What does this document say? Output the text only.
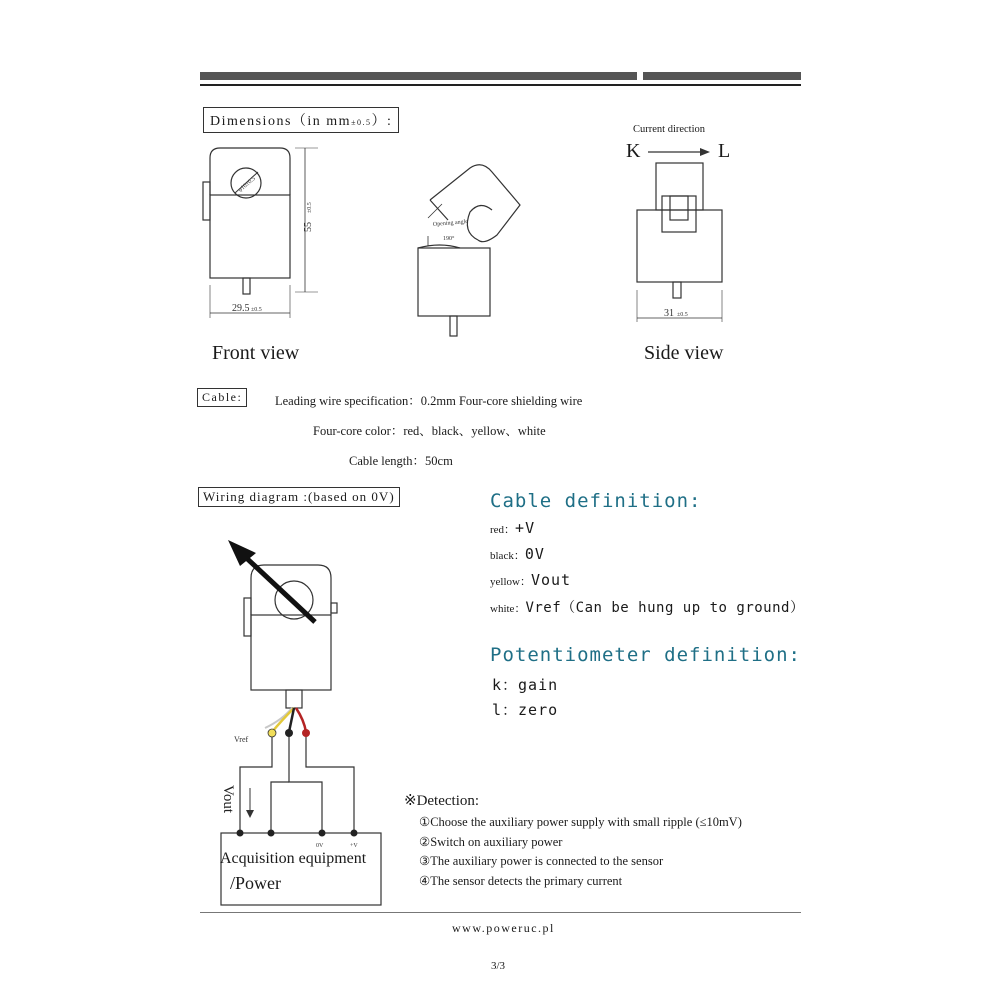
Dimensions（in mm±0.5）:
55
±0.5
29.5 ±0.5
φ10±0.5
Opening angle
190°
31 ±0.5
Vref
Vout
0V	+V
Current direction
K	L
Front view	Side view
Cable:	Leading wire specification：0.2mm Four-core shielding wire
Four-core color：red、black、yellow、white
Cable length：50cm
Wiring diagram :(based on 0V)
Acquisition equipment
/Power
Cable definition:
red：+V
black：0V
yellow：Vout
white：Vref（Can be hung up to ground）
Potentiometer definition:
k：gain
l：zero
※Detection:
①Choose the auxiliary power supply with small ripple (≤10mV)
②Switch on auxiliary power
③The auxiliary power is connected to the sensor
④The sensor detects the primary current
www.poweruc.pl
3/3
